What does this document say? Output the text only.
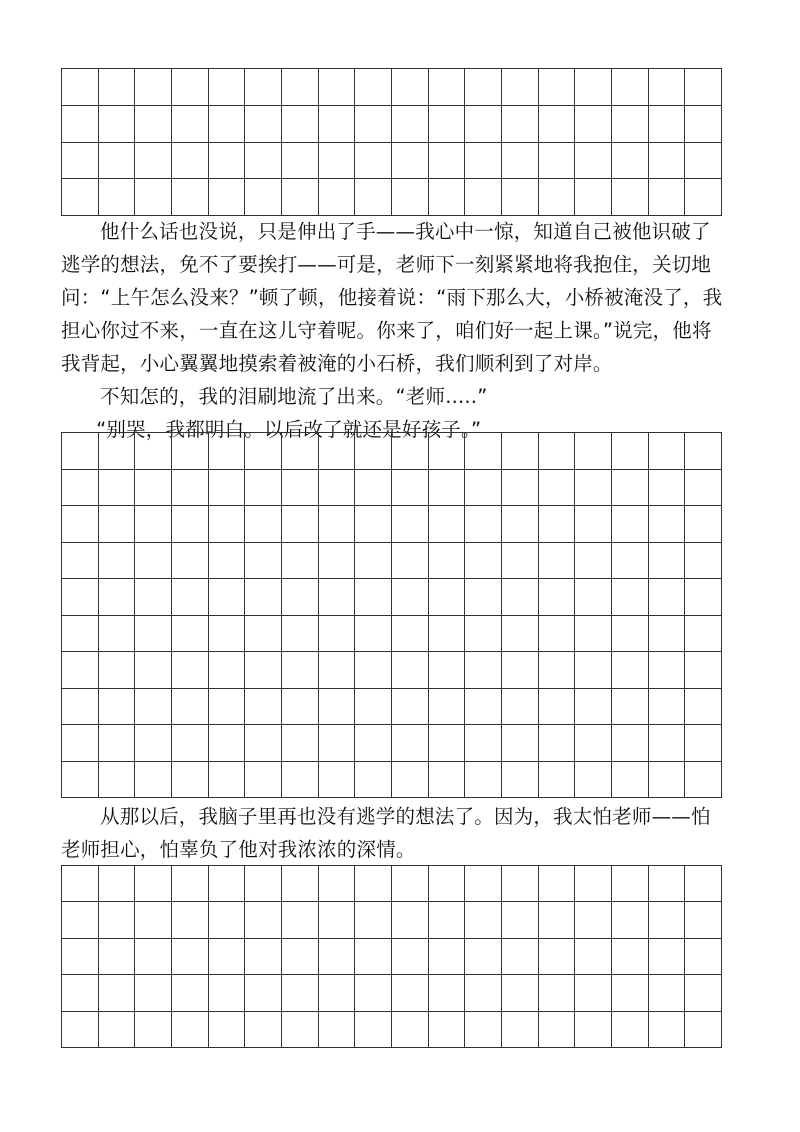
他什么话也没说，只是伸出了手——我心中一惊，知道自己被他识破了逃学的想法，免不了要挨打——可是，老师下一刻紧紧地将我抱住，关切地问：“上午怎么没来？”顿了顿，他接着说：“雨下那么大，小桥被淹没了，我担心你过不来，一直在这儿守着呢。你来了，咱们好一起上课。”说完，他将我背起，小心翼翼地摸索着被淹的小石桥，我们顺利到了对岸。

不知怎的，我的泪刷地流了出来。“老师.....”

“别哭，我都明白。以后改了就还是好孩子。”

从那以后，我脑子里再也没有逃学的想法了。因为，我太怕老师——怕老师担心，怕辜负了他对我浓浓的深情。
